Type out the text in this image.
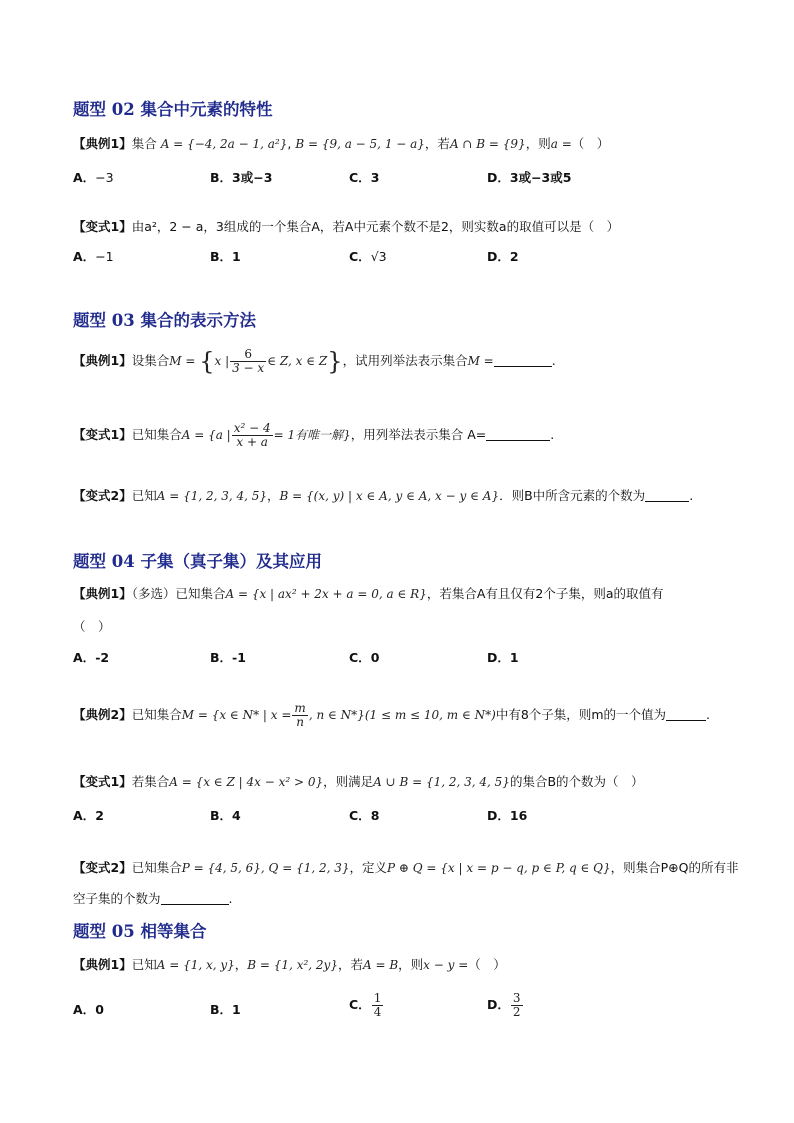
题型 02 集合中元素的特性
【典例1】集合 A = {−4, 2a − 1, a²}, B = {9, a − 5, 1 − a}，若A ∩ B = {9}，则a =（　）
A．−3	B．3或−3	C．3	D．3或−3或5
【变式1】由a²，2 − a，3组成的一个集合A，若A中元素个数不是2，则实数a的取值可以是（　）
A．−1	B．1	C．√3	D．2
题型 03 集合的表示方法
【典例1】设集合M = {x | $\frac{6}{3 - x}$ ∈ Z, x ∈ Z}，试用列举法表示集合M =	.
【变式1】已知集合A = {a | $\frac{\text{x² − 4}}{x + a} = 1$有唯一解}，用列举法表示集合 A=	.
【变式2】已知A = {1, 2, 3, 4, 5}，B = {(x, y) | x ∈ A, y ∈ A, x − y ∈ A}．则B中所含元素的个数为	.
题型 04 子集（真子集）及其应用
【典例1】（多选）已知集合A = {x | ax² + 2x + a = 0, a ∈ R}，若集合A有且仅有2个子集，则a的取值有
（　）
A．-2	B．-1	C．0	D．1
【典例2】已知集合M = {x ∈ N* | $x = \frac{m}{n}$ , n ∈ N*}(1 ≤ m ≤ 10, m ∈ N*)中有8个子集，则m的一个值为	.
【变式1】若集合A = {x ∈ Z | 4x − x² > 0}，则满足A ∪ B = {1, 2, 3, 4, 5}的集合B的个数为（　）
A．2	B．4	C．8	D．16
【变式2】已知集合P = {4, 5, 6}, Q = {1, 2, 3}，定义P ⊕ Q = {x | x = p − q, p ∈ P, q ∈ Q}，则集合P⊕Q的所有非
空子集的个数为	.
题型 05 相等集合
【典例1】已知A = {1, x, y}，B = {1, x², 2y}，若A = B，则x − y =（　）
A．0	B．1	C． $\frac{1}{4}$	D． $\frac{3}{2}$
